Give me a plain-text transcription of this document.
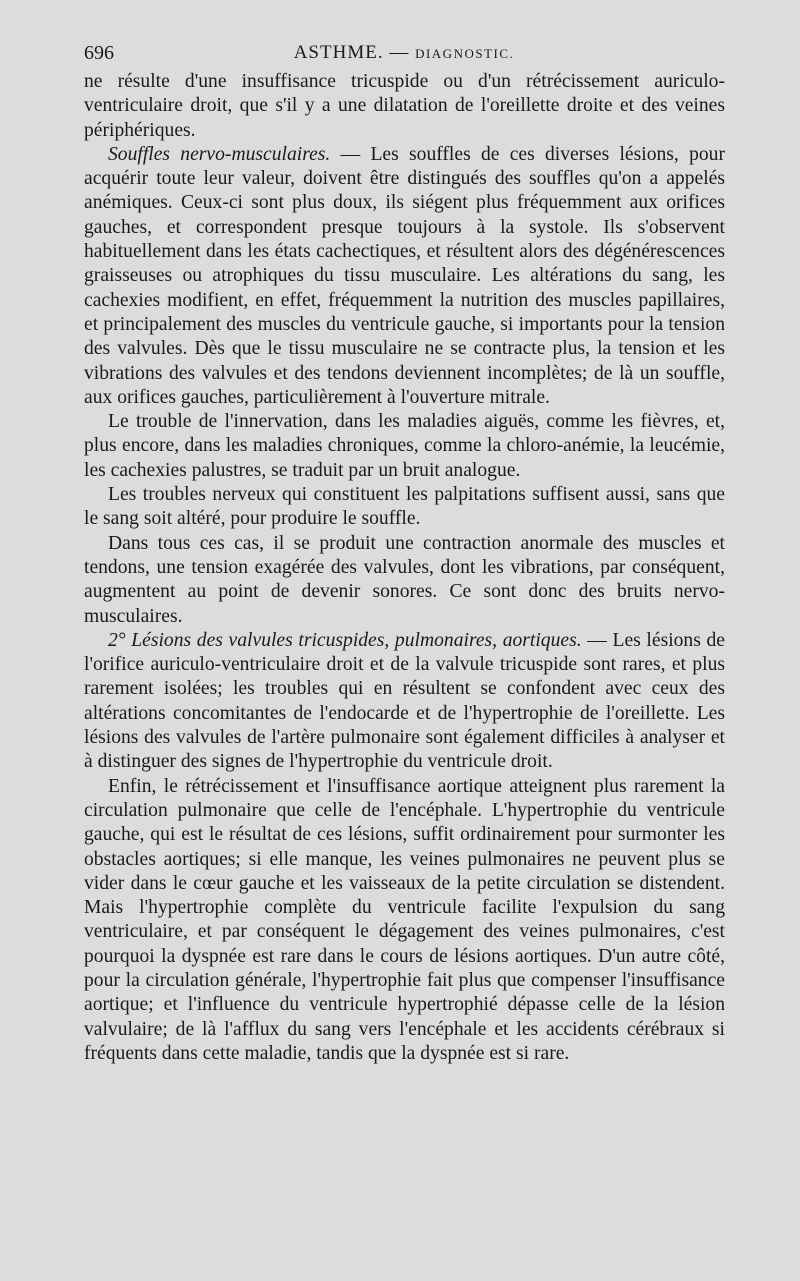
696	ASTHME. — DIAGNOSTIC.

ne résulte d'une insuffisance tricuspide ou d'un rétrécissement auriculo-ventriculaire droit, que s'il y a une dilatation de l'oreillette droite et des veines périphériques.

Souffles nervo-musculaires. — Les souffles de ces diverses lésions, pour acquérir toute leur valeur, doivent être distingués des souffles qu'on a appelés anémiques. Ceux-ci sont plus doux, ils siégent plus fréquemment aux orifices gauches, et correspondent presque toujours à la systole. Ils s'observent habituellement dans les états cachectiques, et résultent alors des dégénérescences graisseuses ou atrophiques du tissu musculaire. Les altérations du sang, les cachexies modifient, en effet, fréquemment la nutrition des muscles papillaires, et principalement des muscles du ventricule gauche, si importants pour la tension des valvules. Dès que le tissu musculaire ne se contracte plus, la tension et les vibrations des valvules et des tendons deviennent incomplètes; de là un souffle, aux orifices gauches, particulièrement à l'ouverture mitrale.

Le trouble de l'innervation, dans les maladies aiguës, comme les fièvres, et, plus encore, dans les maladies chroniques, comme la chloro-anémie, la leucémie, les cachexies palustres, se traduit par un bruit analogue.

Les troubles nerveux qui constituent les palpitations suffisent aussi, sans que le sang soit altéré, pour produire le souffle.

Dans tous ces cas, il se produit une contraction anormale des muscles et tendons, une tension exagérée des valvules, dont les vibrations, par conséquent, augmentent au point de devenir sonores. Ce sont donc des bruits nervo-musculaires.

2° Lésions des valvules tricuspides, pulmonaires, aortiques. — Les lésions de l'orifice auriculo-ventriculaire droit et de la valvule tricuspide sont rares, et plus rarement isolées; les troubles qui en résultent se confondent avec ceux des altérations concomitantes de l'endocarde et de l'hypertrophie de l'oreillette. Les lésions des valvules de l'artère pulmonaire sont également difficiles à analyser et à distinguer des signes de l'hypertrophie du ventricule droit.

Enfin, le rétrécissement et l'insuffisance aortique atteignent plus rarement la circulation pulmonaire que celle de l'encéphale. L'hypertrophie du ventricule gauche, qui est le résultat de ces lésions, suffit ordinairement pour surmonter les obstacles aortiques; si elle manque, les veines pulmonaires ne peuvent plus se vider dans le cœur gauche et les vaisseaux de la petite circulation se distendent. Mais l'hypertrophie complète du ventricule facilite l'expulsion du sang ventriculaire, et par conséquent le dégagement des veines pulmonaires, c'est pourquoi la dyspnée est rare dans le cours de lésions aortiques. D'un autre côté, pour la circulation générale, l'hypertrophie fait plus que compenser l'insuffisance aortique; et l'influence du ventricule hypertrophié dépasse celle de la lésion valvulaire; de là l'afflux du sang vers l'encéphale et les accidents cérébraux si fréquents dans cette maladie, tandis que la dyspnée est si rare.
